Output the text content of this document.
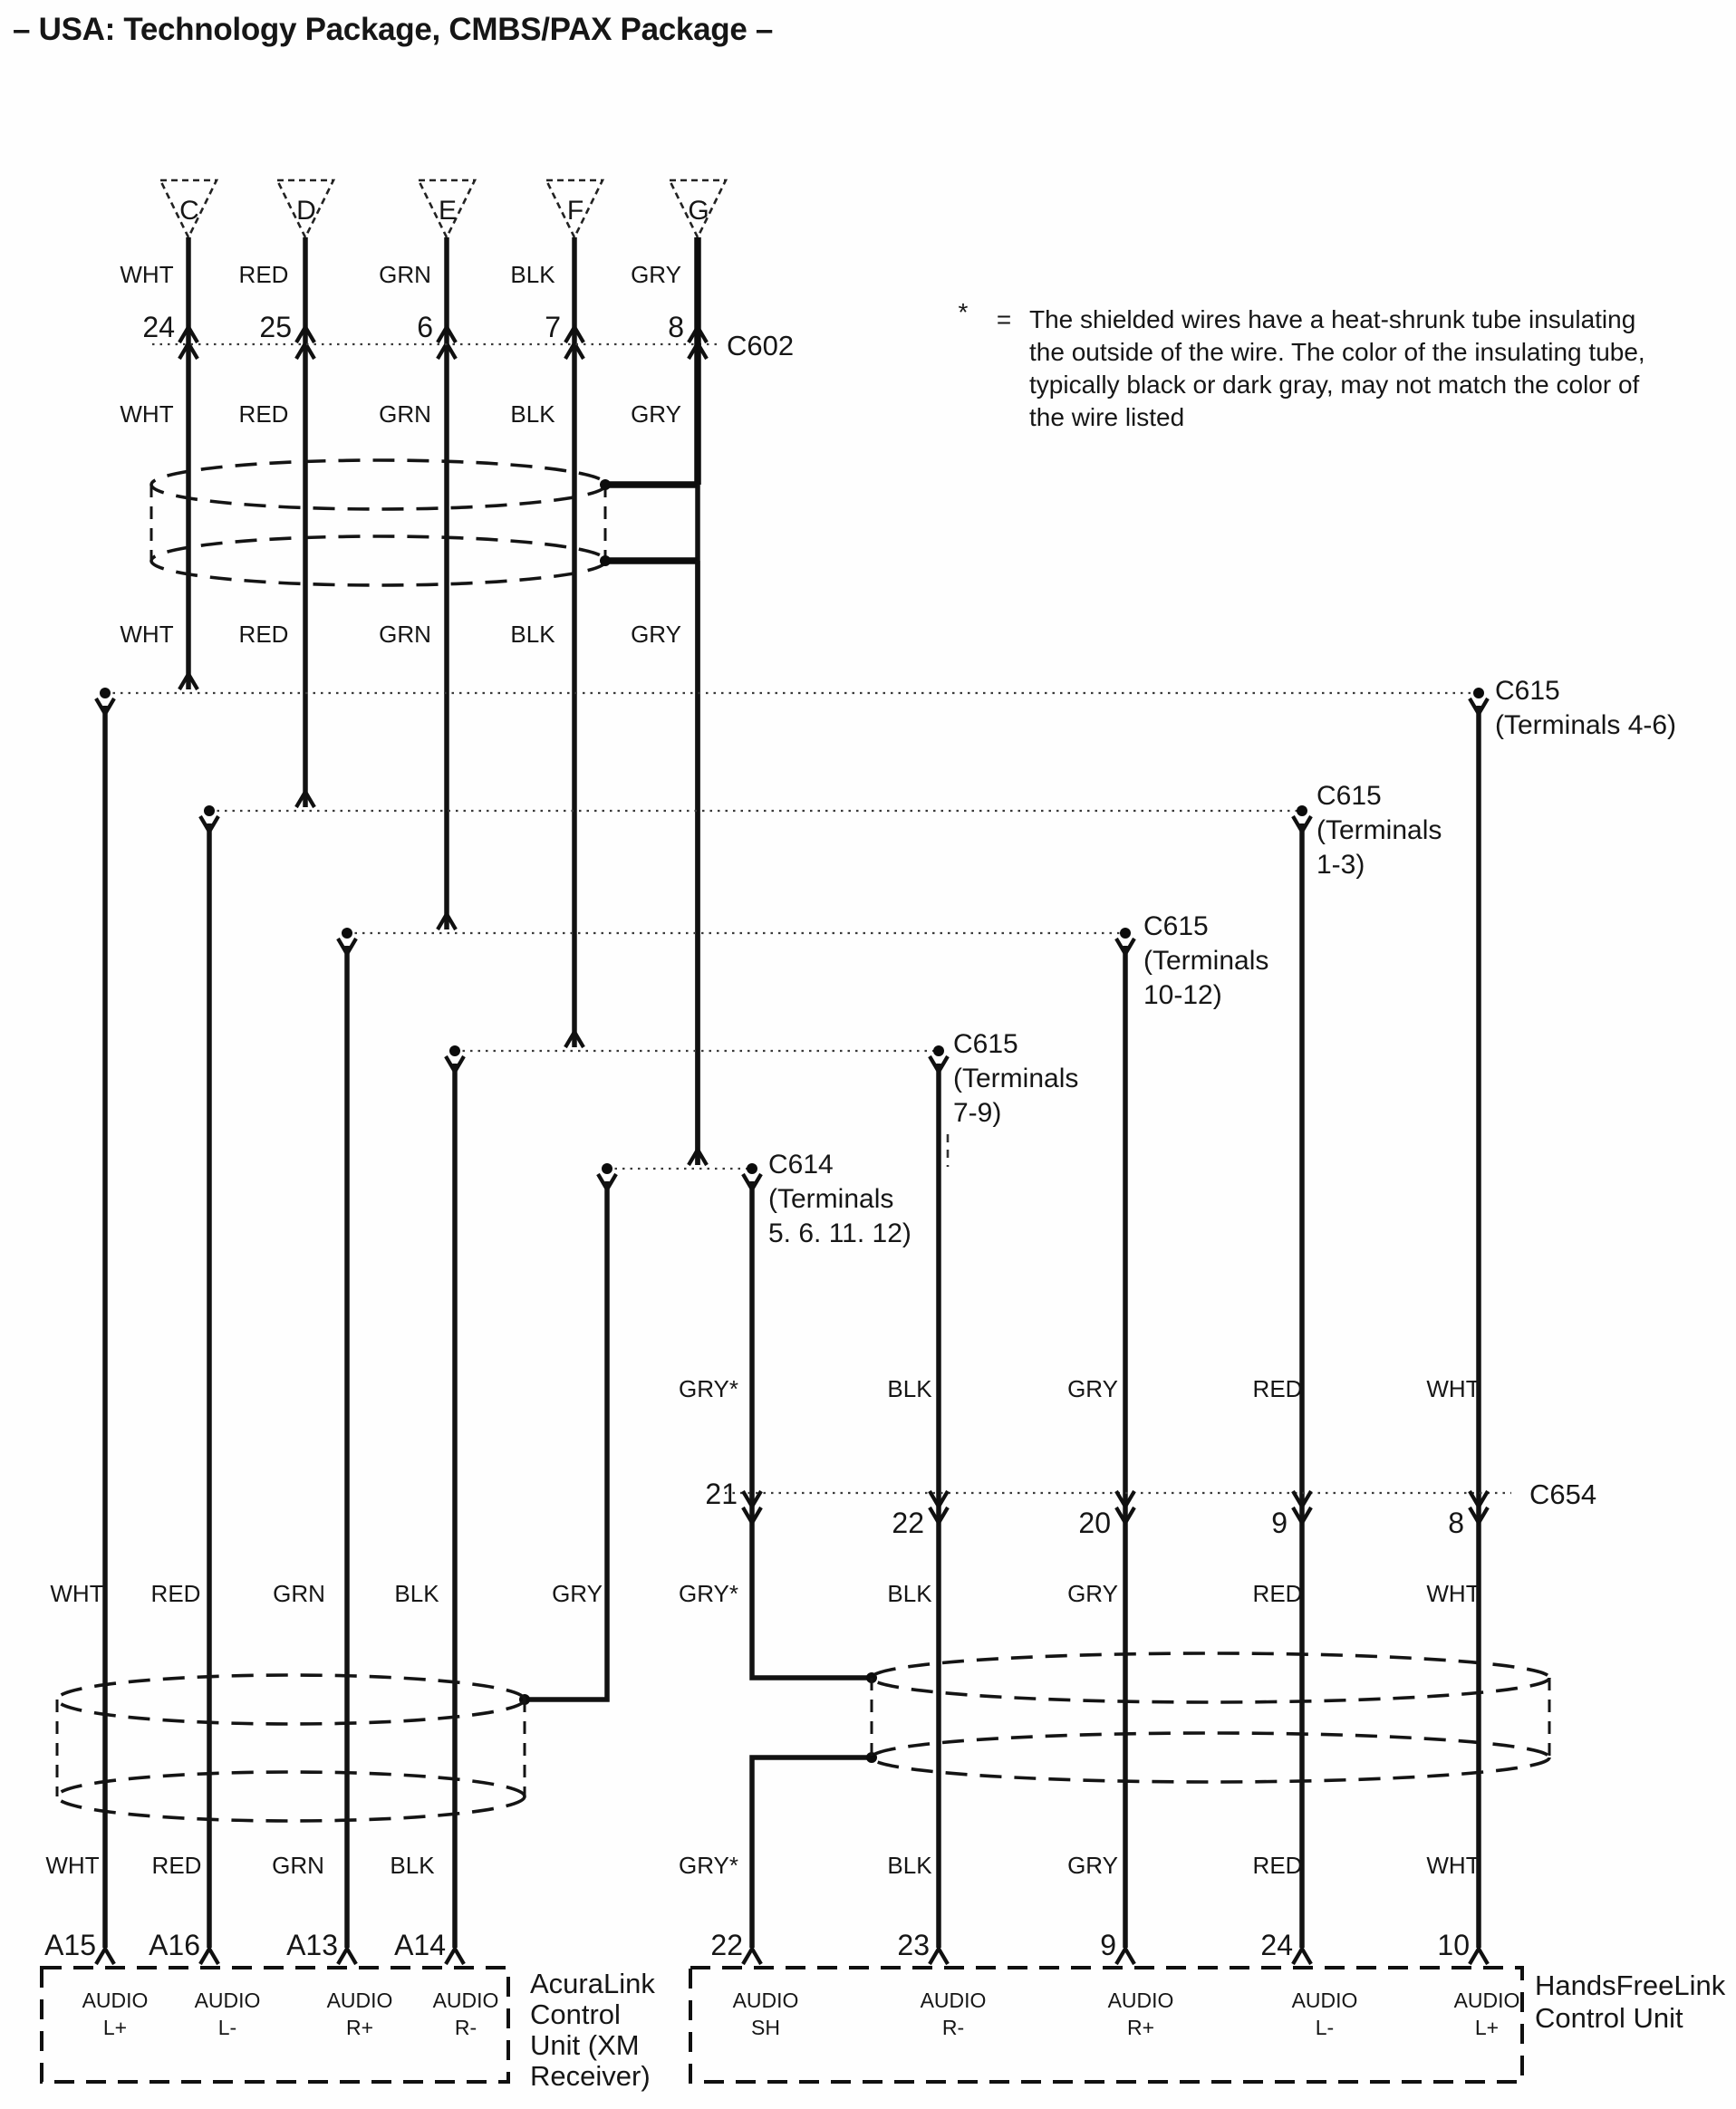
– USA: Technology Package, CMBS/PAX Package –
* = The shielded wires have a heat-shrunk tube insulating
the outside of the wire. The color of the insulating tube,
typically black or dark gray, may not match the color of
the wire listed
C
WHT
WHT
WHT
24
D
RED
RED
RED
25
E
GRN
GRN
GRN
6
F
BLK
BLK
BLK
7
G
GRY
GRY
GRY
8
C602
C615
(Terminals 4-6)
C615
(Terminals
1-3)
C615
(Terminals
10-12)
C615
(Terminals
7-9)
C614
(Terminals
5. 6. 11. 12)
C654
21
22	20	9	8
GRY*
GRY*
GRY*
BLK
BLK
BLK
GRY
GRY
GRY
RED
RED
RED
WHT
WHT
WHT
WHT RED	GRN	BLK	GRY
WHT RED	GRN	BLK
A15 A16	A13 A14	22	23	9	24	10
AUDIO
L+
AUDIO
L-
AUDIO
R+
AUDIO
R-
AUDIO
SH
AUDIO
R-
AUDIO
R+
AUDIO
L-
AUDIO
L+
AcuraLink
Control
Unit (XM
Receiver)
HandsFreeLink
Control Unit
